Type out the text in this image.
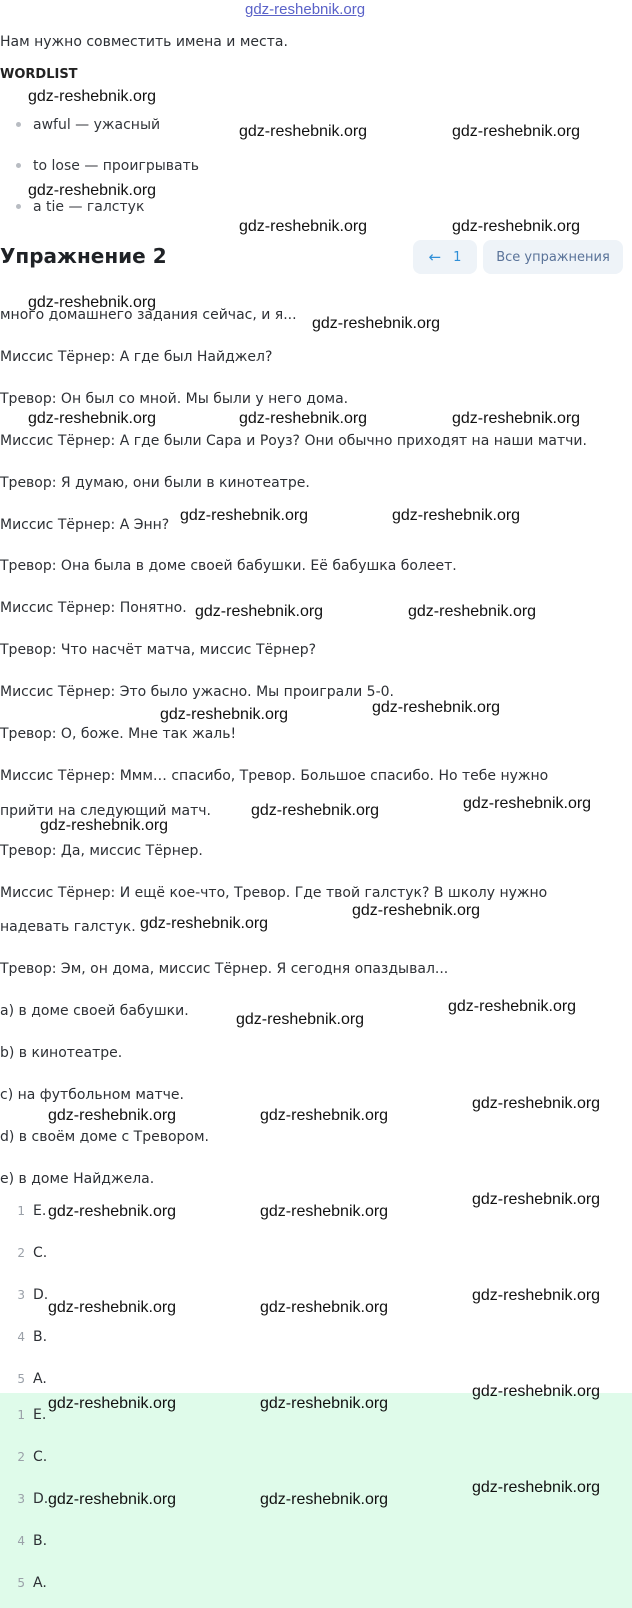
gdz-reshebnik.org
Нам нужно совместить имена и места.
WORDLIST
awful — ужасный
to lose — проигрывать
a tie — галстук
Упражнение 2	← 1	Все упражнения
много домашнего задания сейчас, и я...
Миссис Тёрнер: А где был Найджел?
Тревор: Он был со мной. Мы были у него дома.
Миссис Тёрнер: А где были Сара и Роуз? Они обычно приходят на наши матчи.
Тревор: Я думаю, они были в кинотеатре.
Миссис Тёрнер: А Энн?
Тревор: Она была в доме своей бабушки. Её бабушка болеет.
Миссис Тёрнер: Понятно.
Тревор: Что насчёт матча, миссис Тёрнер?
Миссис Тёрнер: Это было ужасно. Мы проиграли 5-0.
Тревор: О, боже. Мне так жаль!
Миссис Тёрнер: Ммм… спасибо, Тревор. Большое спасибо. Но тебе нужно
прийти на следующий матч.
Тревор: Да, миссис Тёрнер.
Миссис Тёрнер: И ещё кое-что, Тревор. Где твой галстук? В школу нужно
надевать галстук.
Тревор: Эм, он дома, миссис Тёрнер. Я сегодня опаздывал...
a) в доме своей бабушки.
b) в кинотеатре.
c) на футбольном матче.
d) в своём доме с Тревором.
e) в доме Найджела.
1 E.
2 C.
3 D.
4 B.
5 A.
1 E.
2 C.
3 D.
4 B.
5 A.
gdz-reshebnik.org
gdz-reshebnik.org	gdz-reshebnik.org
gdz-reshebnik.org
gdz-reshebnik.org	gdz-reshebnik.org
gdz-reshebnik.org
gdz-reshebnik.org
gdz-reshebnik.org	gdz-reshebnik.org	gdz-reshebnik.org
gdz-reshebnik.org	gdz-reshebnik.org
gdz-reshebnik.org	gdz-reshebnik.org
gdz-reshebnik.org
gdz-reshebnik.org
gdz-reshebnik.org
gdz-reshebnik.org
gdz-reshebnik.org
gdz-reshebnik.org
gdz-reshebnik.org
gdz-reshebnik.org
gdz-reshebnik.org
gdz-reshebnik.org
gdz-reshebnik.org	gdz-reshebnik.org
gdz-reshebnik.org
gdz-reshebnik.org	gdz-reshebnik.org
gdz-reshebnik.org
gdz-reshebnik.org	gdz-reshebnik.org
gdz-reshebnik.org
gdz-reshebnik.org	gdz-reshebnik.org
gdz-reshebnik.org
gdz-reshebnik.org	gdz-reshebnik.org
